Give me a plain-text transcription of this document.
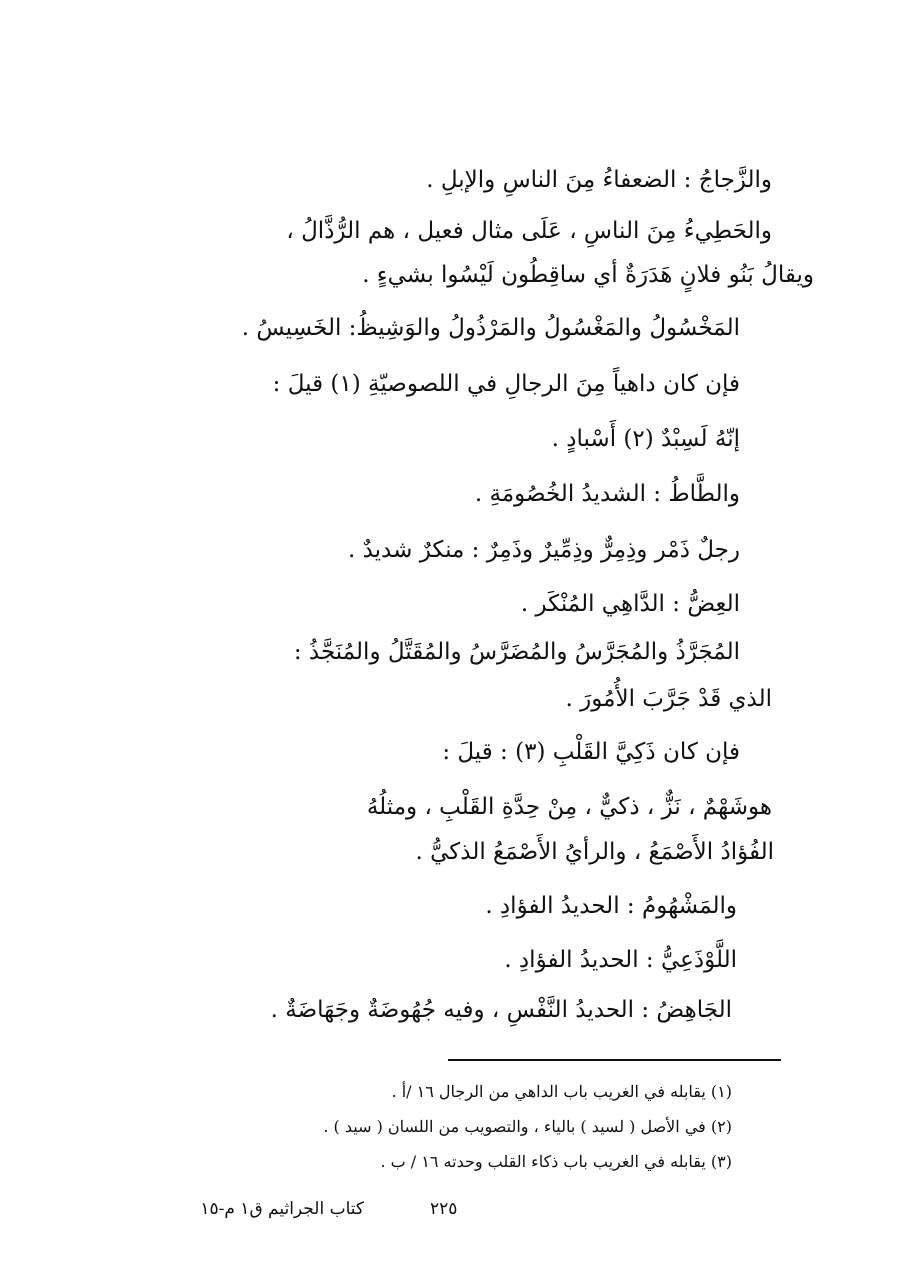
والزَّجاجُ : الضعفاءُ مِنَ الناسِ والإبلِ .

والحَطِيءُ مِنَ الناسِ ، عَلَى مثال فعيل ، هم الرُّذَّالُ ،

ويقالُ بَنُو فلانٍ هَدَرَةٌ أي ساقِطُون لَيْسُوا بشيءٍ .

المَخْسُولُ والمَغْسُولُ والمَرْذُولُ والوَشِيظُ: الخَسِيسُ .

فإن كان داهياً مِنَ الرجالِ في اللصوصيّةِ (١) قيلَ :

إنّهُ لَسِبْدٌ (٢) أَسْبادٍ .

والطَّاطُ : الشديدُ الخُصُومَةِ .

رجلٌ ذَمْر وذِمِرٌّ وذِمِّيرٌ وذَمِرٌ : منكرٌ شديدٌ .

العِضُّ : الدَّاهِي المُنْكَر .

المُجَرَّذُ والمُجَرَّسُ والمُضَرَّسُ والمُقَتَّلُ والمُنَجَّذُ :

الذي قَدْ جَرَّبَ الأُمُورَ .

فإن كان ذَكِيَّ القَلْبِ (٣) : قيلَ :

هوشَهْمٌ ، نَزٌّ ، ذكيٌّ ، مِنْ حِدَّةِ القَلْبِ ، ومثلُهُ

الفُؤادُ الأَصْمَعُ ، والرأيُ الأَصْمَعُ الذكيُّ .

والمَشْهُومُ : الحديدُ الفؤادِ .

اللَّوْذَعِيُّ : الحديدُ الفؤادِ .

الجَاهِضُ : الحديدُ النَّفْسِ ، وفيه جُهُوضَةٌ وجَهَاضَةٌ .

(١) يقابله في الغريب باب الداهي من الرجال ١٦ /أ .

(٢) في الأصل ( لسيد ) بالياء ، والتصويب من اللسان ( سيد ) .

(٣) يقابله في الغريب باب ذكاء القلب وحدته ١٦ / ب .

٢٢٥
كتاب الجراثيم ق١ م-١٥
